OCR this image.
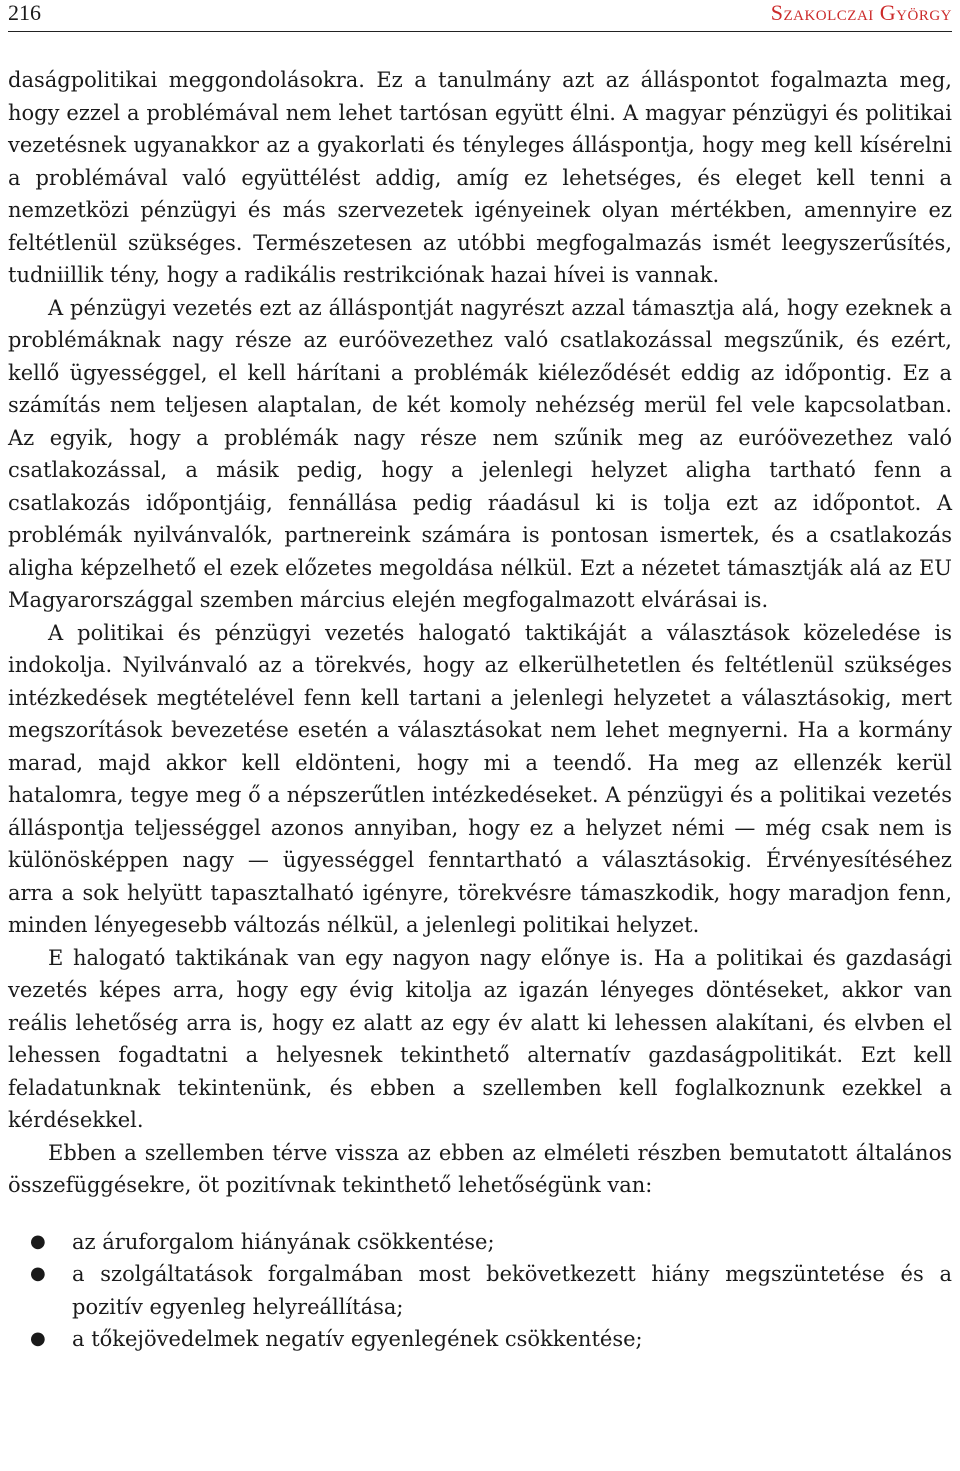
216	Szakolczai György

daságpolitikai meggondolásokra. Ez a tanulmány azt az álláspontot fogalmazta meg, hogy ezzel a problémával nem lehet tartósan együtt élni. A magyar pénzügyi és politikai vezetésnek ugyanakkor az a gyakorlati és tényleges álláspontja, hogy meg kell kísérelni a problémával való együttélést addig, amíg ez lehetséges, és eleget kell tenni a nemzetközi pénzügyi és más szervezetek igényeinek olyan mértékben, amennyire ez feltétlenül szükséges. Természetesen az utóbbi megfogalmazás ismét leegyszerűsítés, tudniillik tény, hogy a radikális restrikciónak hazai hívei is vannak.

A pénzügyi vezetés ezt az álláspontját nagyrészt azzal támasztja alá, hogy ezeknek a problémáknak nagy része az euróövezethez való csatlakozással megszűnik, és ezért, kellő ügyességgel, el kell hárítani a problémák kiéleződését eddig az időpontig. Ez a számítás nem teljesen alaptalan, de két komoly nehézség merül fel vele kapcsolatban. Az egyik, hogy a problémák nagy része nem szűnik meg az euróövezethez való csatlakozással, a másik pedig, hogy a jelenlegi helyzet aligha tartható fenn a csatlakozás időpontjáig, fennállása pedig ráadásul ki is tolja ezt az időpontot. A problémák nyilvánvalók, partnereink számára is pontosan ismertek, és a csatlakozás aligha képzelhető el ezek előzetes megoldása nélkül. Ezt a nézetet támasztják alá az EU Magyarországgal szemben március elején megfogalmazott elvárásai is.

A politikai és pénzügyi vezetés halogató taktikáját a választások közeledése is indokolja. Nyilvánvaló az a törekvés, hogy az elkerülhetetlen és feltétlenül szükséges intézkedések megtételével fenn kell tartani a jelenlegi helyzetet a választásokig, mert megszorítások bevezetése esetén a választásokat nem lehet megnyerni. Ha a kormány marad, majd akkor kell eldönteni, hogy mi a teendő. Ha meg az ellenzék kerül hatalomra, tegye meg ő a népszerűtlen intézkedéseket. A pénzügyi és a politikai vezetés álláspontja teljességgel azonos annyiban, hogy ez a helyzet némi — még csak nem is különösképpen nagy — ügyességgel fenntartható a választásokig. Érvényesítéséhez arra a sok helyütt tapasztalható igényre, törekvésre támaszkodik, hogy maradjon fenn, minden lényegesebb változás nélkül, a jelenlegi politikai helyzet.

E halogató taktikának van egy nagyon nagy előnye is. Ha a politikai és gazdasági vezetés képes arra, hogy egy évig kitolja az igazán lényeges döntéseket, akkor van reális lehetőség arra is, hogy ez alatt az egy év alatt ki lehessen alakítani, és elvben el lehessen fogadtatni a helyesnek tekinthető alternatív gazdaságpolitikát. Ezt kell feladatunknak tekintenünk, és ebben a szellemben kell foglalkoznunk ezekkel a kérdésekkel.

Ebben a szellemben térve vissza az ebben az elméleti részben bemutatott általános összefüggésekre, öt pozitívnak tekinthető lehetőségünk van:

● az áruforgalom hiányának csökkentése;
● a szolgáltatások forgalmában most bekövetkezett hiány megszüntetése és a pozitív egyenleg helyreállítása;
● a tőkejövedelmek negatív egyenlegének csökkentése;
